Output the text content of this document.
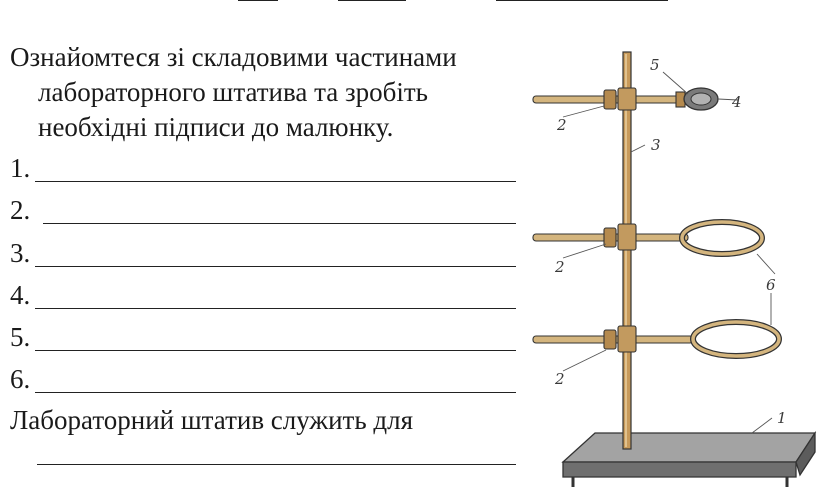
Ознайомтеся зі складовими частинами
лабораторного штатива та зробіть
необхідні підписи до малюнку.

1.
2.
3.
4.
5.
6.

Лабораторний штатив служить для

2
3
4
5
2
6
2
1
